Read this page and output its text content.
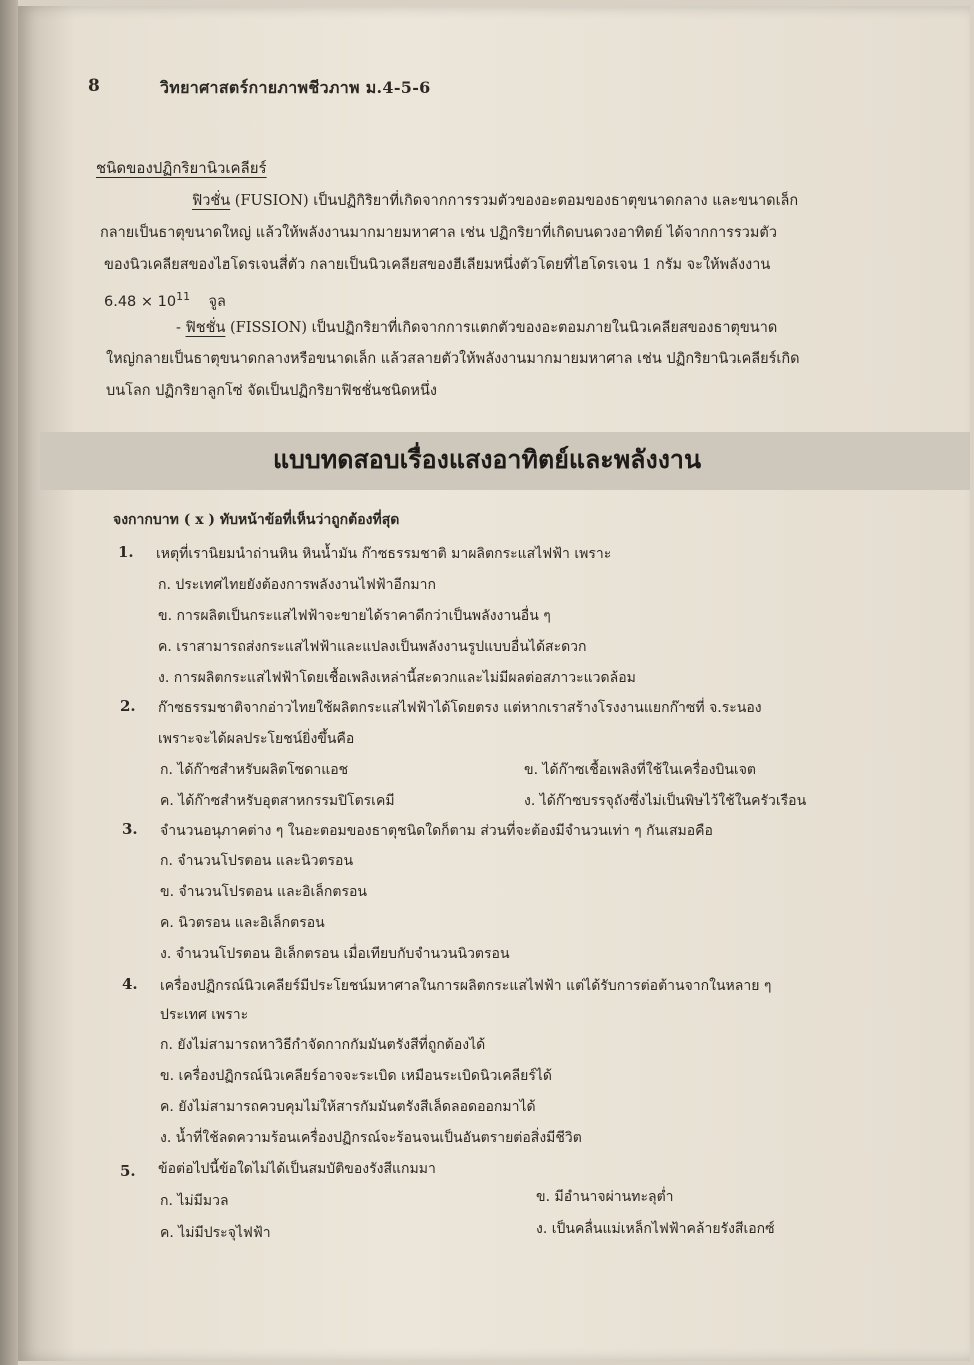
8	วิทยาศาสตร์กายภาพชีวภาพ ม.4-5-6
ชนิดของปฏิกริยานิวเคลียร์
ฟิวชั่น (FUSION) เป็นปฏิกิริยาที่เกิดจากการรวมตัวของอะตอมของธาตุขนาดกลาง และขนาดเล็ก
กลายเป็นธาตุขนาดใหญ่ แล้วให้พลังงานมากมายมหาศาล เช่น ปฏิกริยาที่เกิดบนดวงอาทิตย์ ได้จากการรวมตัว
ของนิวเคลียสของไฮโดรเจนสี่ตัว กลายเป็นนิวเคลียสของฮีเลียมหนึ่งตัวโดยที่ไฮโดรเจน 1 กรัม จะให้พลังงาน
$6.48 \times 10^{11}$ จูล
- ฟิชชั่น (FISSION) เป็นปฏิกริยาที่เกิดจากการแตกตัวของอะตอมภายในนิวเคลียสของธาตุขนาด
ใหญ่กลายเป็นธาตุขนาดกลางหรือขนาดเล็ก แล้วสลายตัวให้พลังงานมากมายมหาศาล เช่น ปฏิกริยานิวเคลียร์เกิด
บนโลก ปฏิกริยาลูกโซ่ จัดเป็นปฏิกริยาฟิชชั่นชนิดหนึ่ง
แบบทดสอบเรื่องแสงอาทิตย์และพลังงาน
จงกากบาท ( x ) ทับหน้าข้อที่เห็นว่าถูกต้องที่สุด
1. เหตุที่เรานิยมนำถ่านหิน หินน้ำมัน ก๊าซธรรมชาติ มาผลิตกระแสไฟฟ้า เพราะ
ก. ประเทศไทยยังต้องการพลังงานไฟฟ้าอีกมาก
ข. การผลิตเป็นกระแสไฟฟ้าจะขายได้ราคาดีกว่าเป็นพลังงานอื่น ๆ
ค. เราสามารถส่งกระแสไฟฟ้าและแปลงเป็นพลังงานรูปแบบอื่นได้สะดวก
ง. การผลิตกระแสไฟฟ้าโดยเชื้อเพลิงเหล่านี้สะดวกและไม่มีผลต่อสภาวะแวดล้อม
2. ก๊าซธรรมชาติจากอ่าวไทยใช้ผลิตกระแสไฟฟ้าได้โดยตรง แต่หากเราสร้างโรงงานแยกก๊าซที่ จ.ระนอง
เพราะจะได้ผลประโยชน์ยิ่งขึ้นคือ
ก. ได้ก๊าซสำหรับผลิตโซดาแอช	ข. ได้ก๊าซเชื้อเพลิงที่ใช้ในเครื่องบินเจต
ค. ได้ก๊าซสำหรับอุตสาหกรรมปิโตรเคมี	ง. ได้ก๊าซบรรจุถังซึ่งไม่เป็นพิษไว้ใช้ในครัวเรือน
3. จำนวนอนุภาคต่าง ๆ ในอะตอมของธาตุชนิดใดก็ตาม ส่วนที่จะต้องมีจำนวนเท่า ๆ กันเสมอคือ
ก. จำนวนโปรตอน และนิวตรอน
ข. จำนวนโปรตอน และอิเล็กตรอน
ค. นิวตรอน และอิเล็กตรอน
ง. จำนวนโปรตอน อิเล็กตรอน เมื่อเทียบกับจำนวนนิวตรอน
4. เครื่องปฏิกรณ์นิวเคลียร์มีประโยชน์มหาศาลในการผลิตกระแสไฟฟ้า แต่ได้รับการต่อต้านจากในหลาย ๆ
ประเทศ เพราะ
ก. ยังไม่สามารถหาวิธีกำจัดกากกัมมันตรังสีที่ถูกต้องได้
ข. เครื่องปฏิกรณ์นิวเคลียร์อาจจะระเบิด เหมือนระเบิดนิวเคลียร์ได้
ค. ยังไม่สามารถควบคุมไม่ให้สารกัมมันตรังสีเล็ดลอดออกมาได้
ง. น้ำที่ใช้ลดความร้อนเครื่องปฏิกรณ์จะร้อนจนเป็นอันตรายต่อสิ่งมีชีวิต
5. ข้อต่อไปนี้ข้อใดไม่ได้เป็นสมบัติของรังสีแกมมา
ก. ไม่มีมวล	ข. มีอำนาจผ่านทะลุต่ำ
ค. ไม่มีประจุไฟฟ้า	ง. เป็นคลื่นแม่เหล็กไฟฟ้าคล้ายรังสีเอกซ์
